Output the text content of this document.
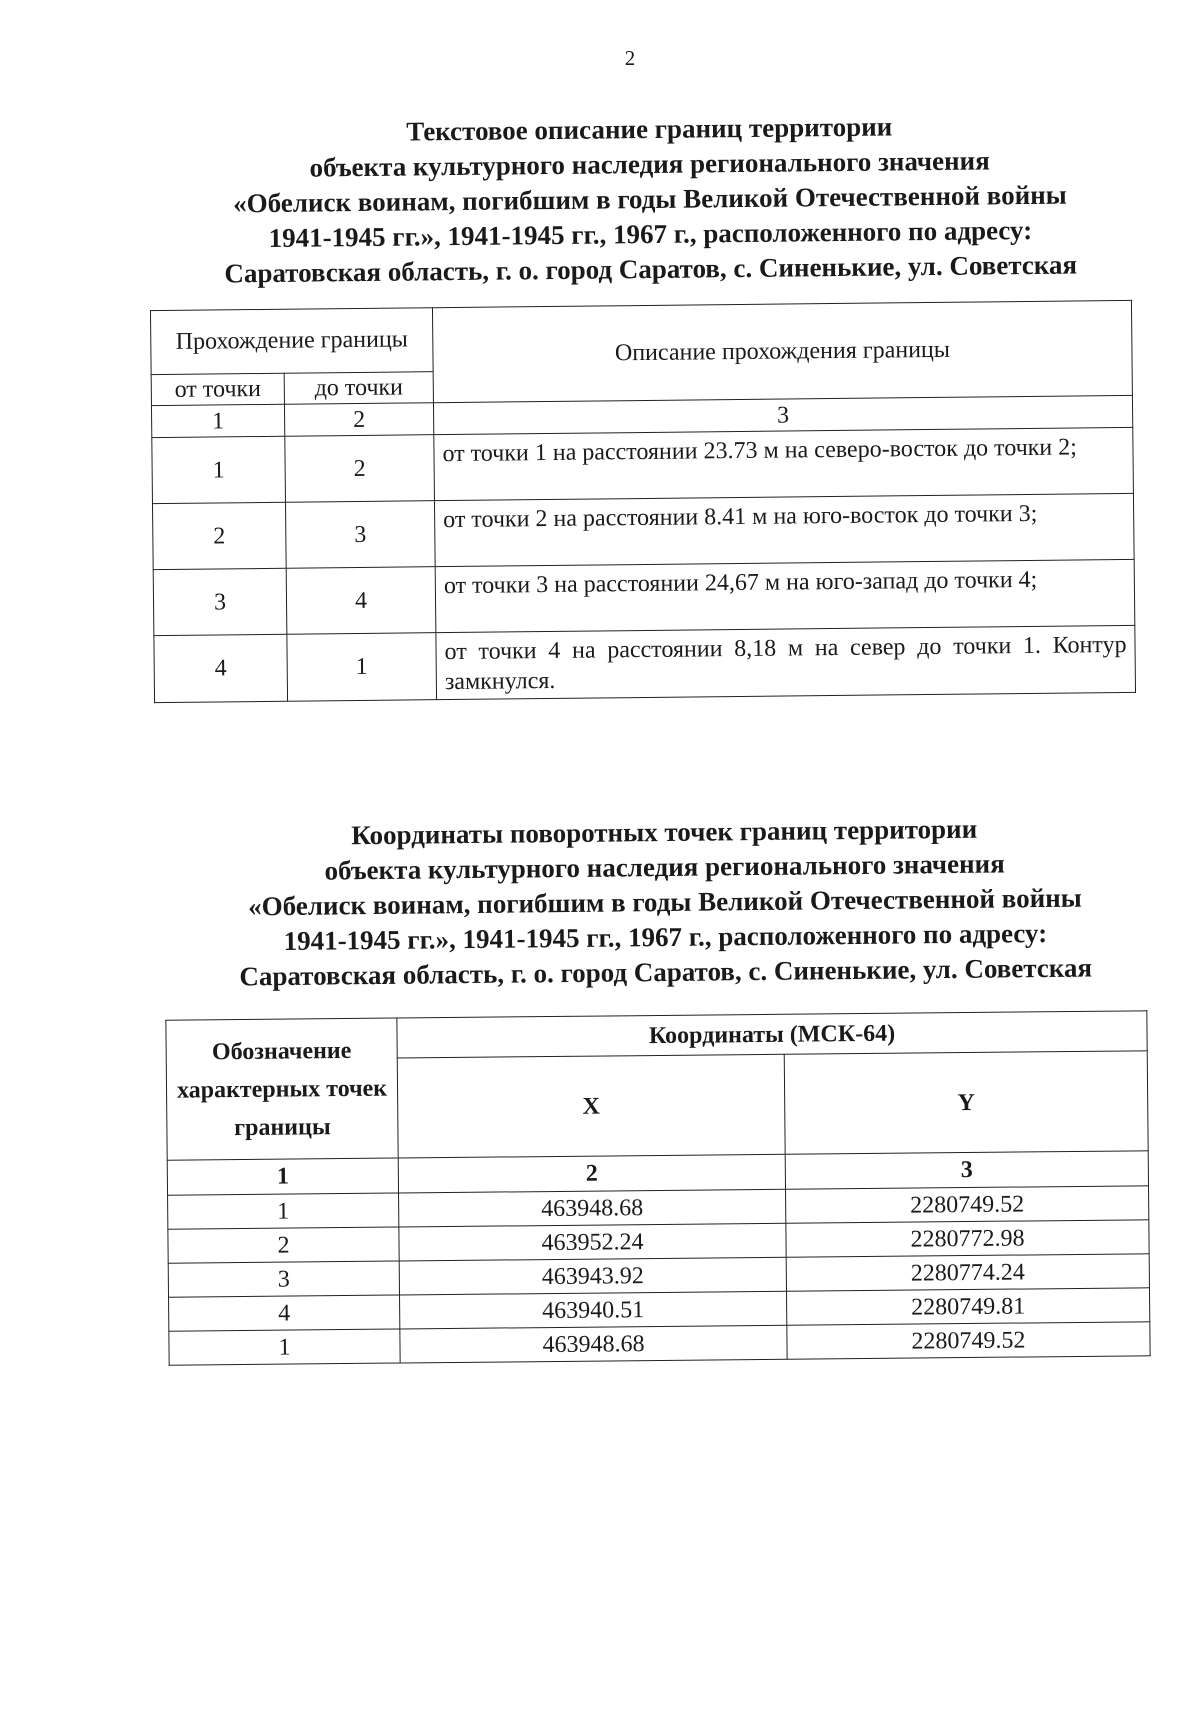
2
Текстовое описание границ территории
объекта культурного наследия регионального значения
«Обелиск воинам, погибшим в годы Великой Отечественной войны
1941-1945 гг.», 1941-1945 гг., 1967 г., расположенного по адресу:
Саратовская область, г. о. город Саратов, с. Синенькие, ул. Советская
Прохождение границы		Описание прохождения границы
от точки	до точки	
1	2	3
1	2	от точки 1 на расстоянии 23.73 м на северо-восток до точки 2;
2	3	от точки 2 на расстоянии 8.41 м на юго-восток до точки 3;
3	4	от точки 3 на расстоянии 24,67 м на юго-запад до точки 4;
4	1	от точки 4 на расстоянии 8,18 м на север до точки 1. Контур замкнулся.
Координаты поворотных точек границ территории
объекта культурного наследия регионального значения
«Обелиск воинам, погибшим в годы Великой Отечественной войны
1941-1945 гг.», 1941-1945 гг., 1967 г., расположенного по адресу:
Саратовская область, г. о. город Саратов, с. Синенькие, ул. Советская
Обозначение характерных точек границы	Координаты (МСК-64)	
	X	Y
1	2	3
1	463948.68	2280749.52
2	463952.24	2280772.98
3	463943.92	2280774.24
4	463940.51	2280749.81
1	463948.68	2280749.52
